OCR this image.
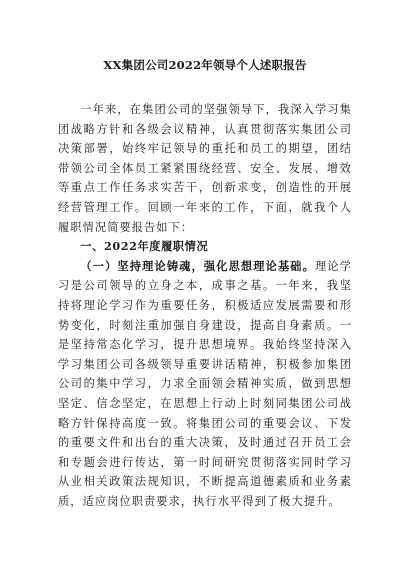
XX集团公司2022年领导个人述职报告

一年来，在集团公司的坚强领导下，我深入学习集团战略方针和各级会议精神，认真贯彻落实集团公司决策部署，始终牢记领导的重托和员工的期望，团结带领公司全体员工紧紧围绕经营、安全、发展、增效等重点工作任务求实苦干，创新求变，创造性的开展经营管理工作。回顾一年来的工作，下面，就我个人履职情况简要报告如下：

一、2022年度履职情况

（一）坚持理论铸魂，强化思想理论基础。理论学习是公司领导的立身之本，成事之基。一年来，我坚持将理论学习作为重要任务，积极适应发展需要和形势变化，时刻注重加强自身建设，提高自身素质。一是坚持常态化学习，提升思想境界。我始终坚持深入学习集团公司各级领导重要讲话精神，积极参加集团公司的集中学习，力求全面领会精神实质，做到思想坚定、信念坚定，在思想上行动上时刻同集团公司战略方针保持高度一致。将集团公司的重要会议、下发的重要文件和出台的重大决策，及时通过召开员工会和专题会进行传达，第一时间研究贯彻落实同时学习从业相关政策法规知识，不断提高道德素质和业务素质，适应岗位职责要求，执行水平得到了极大提升。
